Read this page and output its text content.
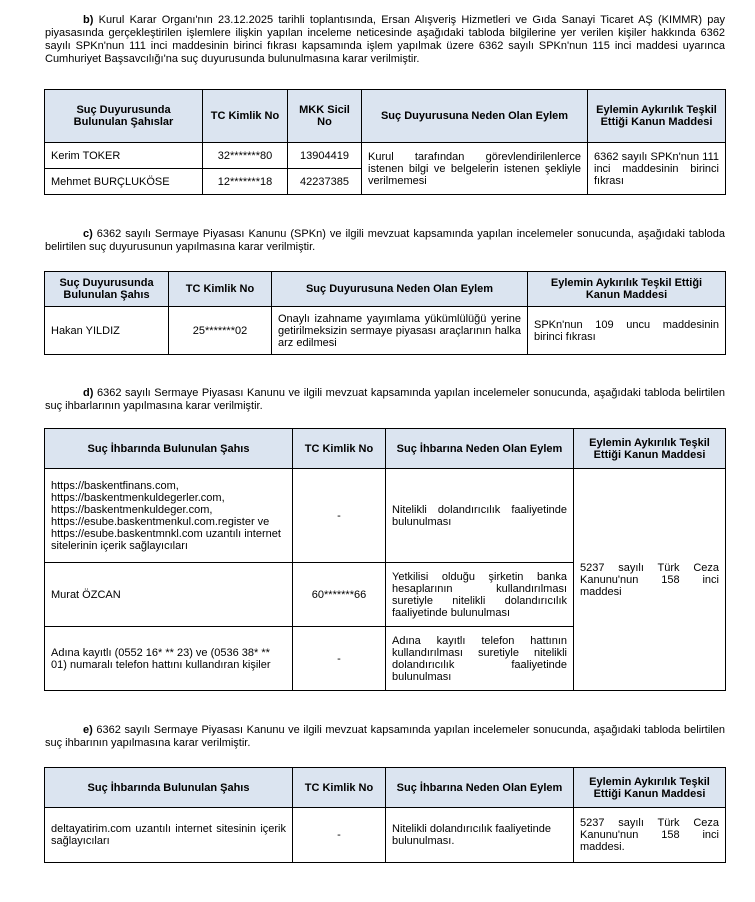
b) Kurul Karar Organı'nın 23.12.2025 tarihli toplantısında, Ersan Alışveriş Hizmetleri ve Gıda Sanayi Ticaret AŞ (KIMMR) pay piyasasında gerçekleştirilen işlemlere ilişkin yapılan inceleme neticesinde aşağıdaki tabloda bilgilerine yer verilen kişiler hakkında 6362 sayılı SPKn'nun 111 inci maddesinin birinci fıkrası kapsamında işlem yapılmak üzere 6362 sayılı SPKn'nun 115 inci maddesi uyarınca Cumhuriyet Başsavcılığı'na suç duyurusunda bulunulmasına karar verilmiştir.
Suç Duyurusunda Bulunulan Şahıslar	TC Kimlik No	MKK Sicil No	Suç Duyurusuna Neden Olan Eylem	Eylemin Aykırılık Teşkil Ettiği Kanun Maddesi
Kerim TOKER	32*******80	13904419	Kurul tarafından görevlendirilenlerce istenen bilgi ve belgelerin istenen şekliyle verilmemesi	6362 sayılı SPKn'nun 111 inci maddesinin birinci fıkrası
Mehmet BURÇLUKÖSE	12*******18	42237385		
c) 6362 sayılı Sermaye Piyasası Kanunu (SPKn) ve ilgili mevzuat kapsamında yapılan incelemeler sonucunda, aşağıdaki tabloda belirtilen suç duyurusunun yapılmasına karar verilmiştir.
Suç Duyurusunda Bulunulan Şahıs	TC Kimlik No	Suç Duyurusuna Neden Olan Eylem	Eylemin Aykırılık Teşkil Ettiği Kanun Maddesi
Hakan YILDIZ	25*******02	Onaylı izahname yayımlama yükümlülüğü yerine getirilmeksizin sermaye piyasası araçlarının halka arz edilmesi	SPKn'nun 109 uncu maddesinin birinci fıkrası
d) 6362 sayılı Sermaye Piyasası Kanunu ve ilgili mevzuat kapsamında yapılan incelemeler sonucunda, aşağıdaki tabloda belirtilen suç ihbarlarının yapılmasına karar verilmiştir.
Suç İhbarında Bulunulan Şahıs	TC Kimlik No	Suç İhbarına Neden Olan Eylem	Eylemin Aykırılık Teşkil Ettiği Kanun Maddesi
https://baskentfinans.com, https://baskentmenkuldegerler.com, https://baskentmenkuldeger.com, https://esube.baskentmenkul.com.register ve https://esube.baskentmnkl.com uzantılı internet sitelerinin içerik sağlayıcıları	-	Nitelikli dolandırıcılık faaliyetinde bulunulması	5237 sayılı Türk Ceza Kanunu'nun 158 inci maddesi
Murat ÖZCAN	60*******66	Yetkilisi olduğu şirketin banka hesaplarının kullandırılması suretiyle nitelikli dolandırıcılık faaliyetinde bulunulması	
Adına kayıtlı (0552 16* ** 23) ve (0536 38* ** 01) numaralı telefon hattını kullandıran kişiler	-	Adına kayıtlı telefon hattının kullandırılması suretiyle nitelikli dolandırıcılık faaliyetinde bulunulması	
e) 6362 sayılı Sermaye Piyasası Kanunu ve ilgili mevzuat kapsamında yapılan incelemeler sonucunda, aşağıdaki tabloda belirtilen suç ihbarının yapılmasına karar verilmiştir.
Suç İhbarında Bulunulan Şahıs	TC Kimlik No	Suç İhbarına Neden Olan Eylem	Eylemin Aykırılık Teşkil Ettiği Kanun Maddesi
deltayatirim.com uzantılı internet sitesinin içerik sağlayıcıları	-	Nitelikli dolandırıcılık faaliyetinde bulunulması.	5237 sayılı Türk Ceza Kanunu'nun 158 inci maddesi.
